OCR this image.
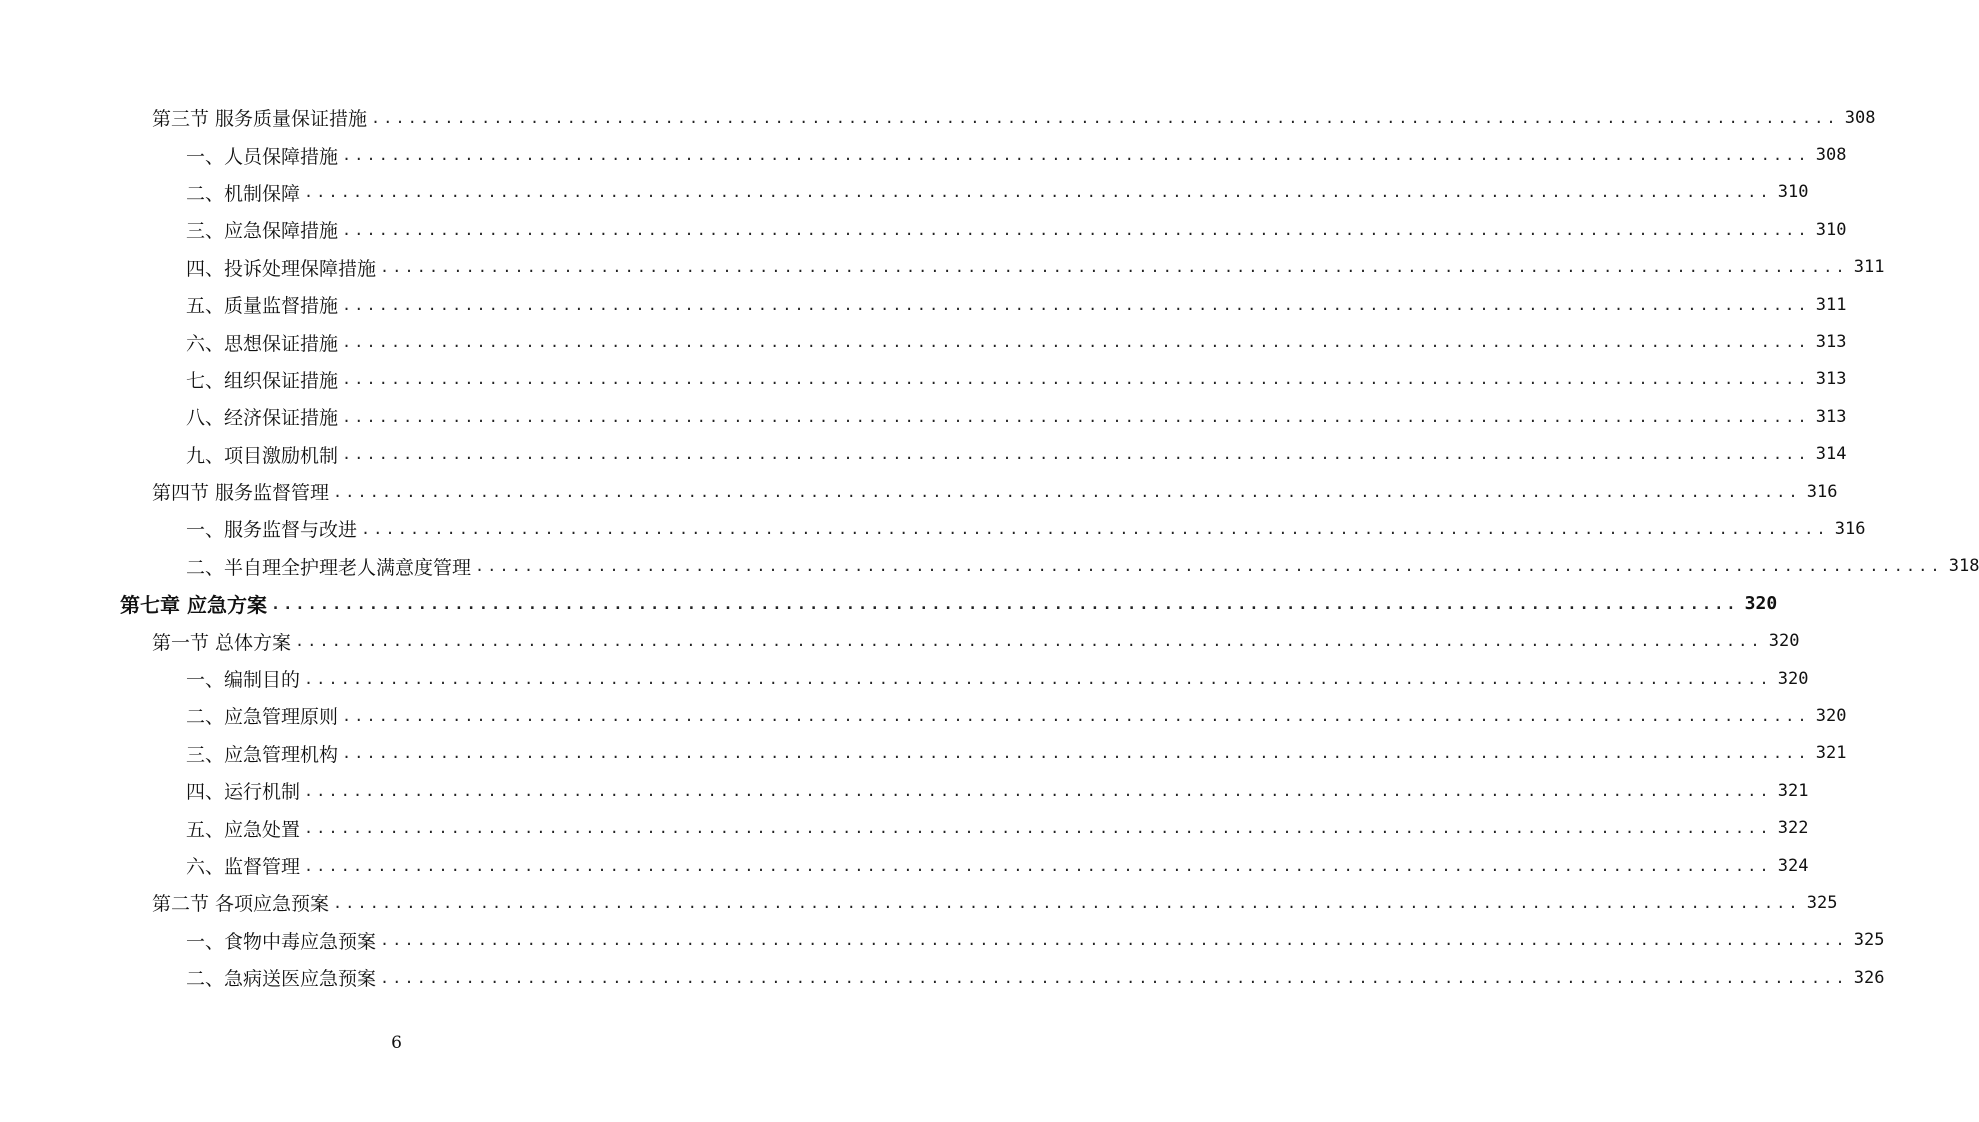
第三节 服务质量保证措施 ........................................................................................................................ 308
一、人员保障措施 ........................................................................................................................ 308
二、机制保障 ........................................................................................................................ 310
三、应急保障措施 ........................................................................................................................ 310
四、投诉处理保障措施 ........................................................................................................................ 311
五、质量监督措施 ........................................................................................................................ 311
六、思想保证措施 ........................................................................................................................ 313
七、组织保证措施 ........................................................................................................................ 313
八、经济保证措施 ........................................................................................................................ 313
九、项目激励机制 ........................................................................................................................ 314
第四节 服务监督管理 ........................................................................................................................ 316
一、服务监督与改进 ........................................................................................................................ 316
二、半自理全护理老人满意度管理 ........................................................................................................................ 318
第七章 应急方案 ........................................................................................................................ 320
第一节 总体方案 ........................................................................................................................ 320
一、编制目的 ........................................................................................................................ 320
二、应急管理原则 ........................................................................................................................ 320
三、应急管理机构 ........................................................................................................................ 321
四、运行机制 ........................................................................................................................ 321
五、应急处置 ........................................................................................................................ 322
六、监督管理 ........................................................................................................................ 324
第二节 各项应急预案 ........................................................................................................................ 325
一、食物中毒应急预案 ........................................................................................................................ 325
二、急病送医应急预案 ........................................................................................................................ 326
6
